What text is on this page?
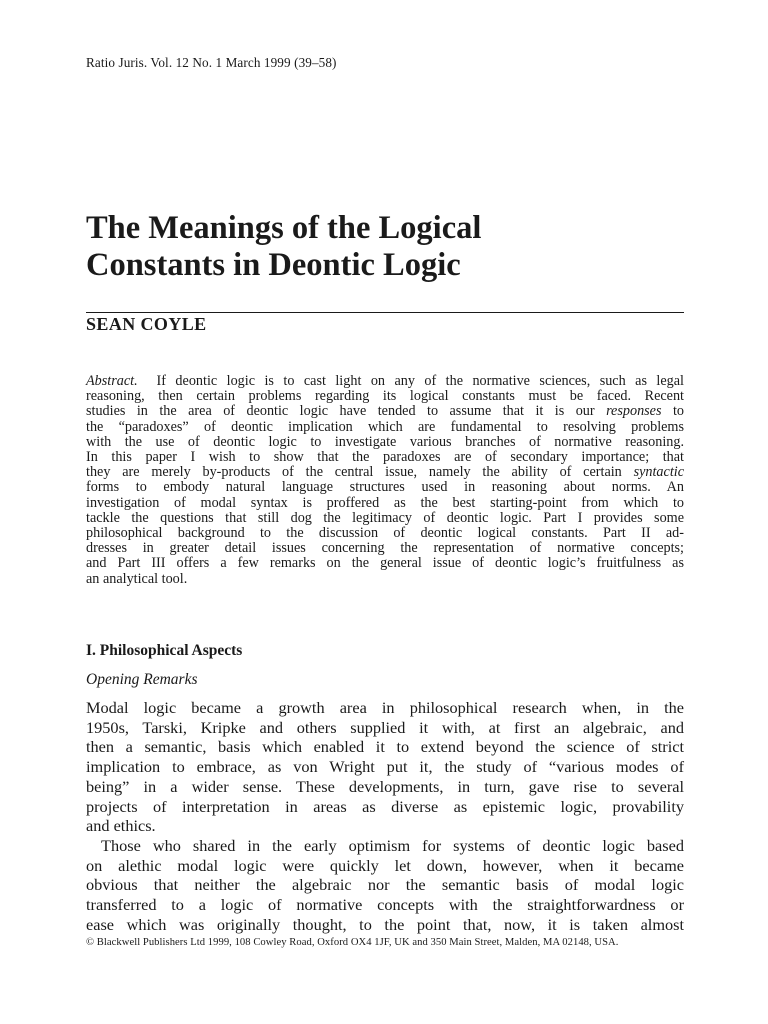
Ratio Juris. Vol. 12 No. 1 March 1999 (39–58)
The Meanings of the Logical
Constants in Deontic Logic
SEAN COYLE
Abstract. If deontic logic is to cast light on any of the normative sciences, such as legal
reasoning, then certain problems regarding its logical constants must be faced. Recent
studies in the area of deontic logic have tended to assume that it is our responses to
the “paradoxes” of deontic implication which are fundamental to resolving problems
with the use of deontic logic to investigate various branches of normative reasoning.
In this paper I wish to show that the paradoxes are of secondary importance; that
they are merely by-products of the central issue, namely the ability of certain syntactic
forms to embody natural language structures used in reasoning about norms. An
investigation of modal syntax is proffered as the best starting-point from which to
tackle the questions that still dog the legitimacy of deontic logic. Part I provides some
philosophical background to the discussion of deontic logical constants. Part II ad-
dresses in greater detail issues concerning the representation of normative concepts;
and Part III offers a few remarks on the general issue of deontic logic’s fruitfulness as
an analytical tool.
I. Philosophical Aspects
Opening Remarks
Modal logic became a growth area in philosophical research when, in the
1950s, Tarski, Kripke and others supplied it with, at first an algebraic, and
then a semantic, basis which enabled it to extend beyond the science of strict
implication to embrace, as von Wright put it, the study of “various modes of
being” in a wider sense. These developments, in turn, gave rise to several
projects of interpretation in areas as diverse as epistemic logic, provability
and ethics.
Those who shared in the early optimism for systems of deontic logic based
on alethic modal logic were quickly let down, however, when it became
obvious that neither the algebraic nor the semantic basis of modal logic
transferred to a logic of normative concepts with the straightforwardness or
ease which was originally thought, to the point that, now, it is taken almost
© Blackwell Publishers Ltd 1999, 108 Cowley Road, Oxford OX4 1JF, UK and 350 Main Street, Malden, MA 02148, USA.
